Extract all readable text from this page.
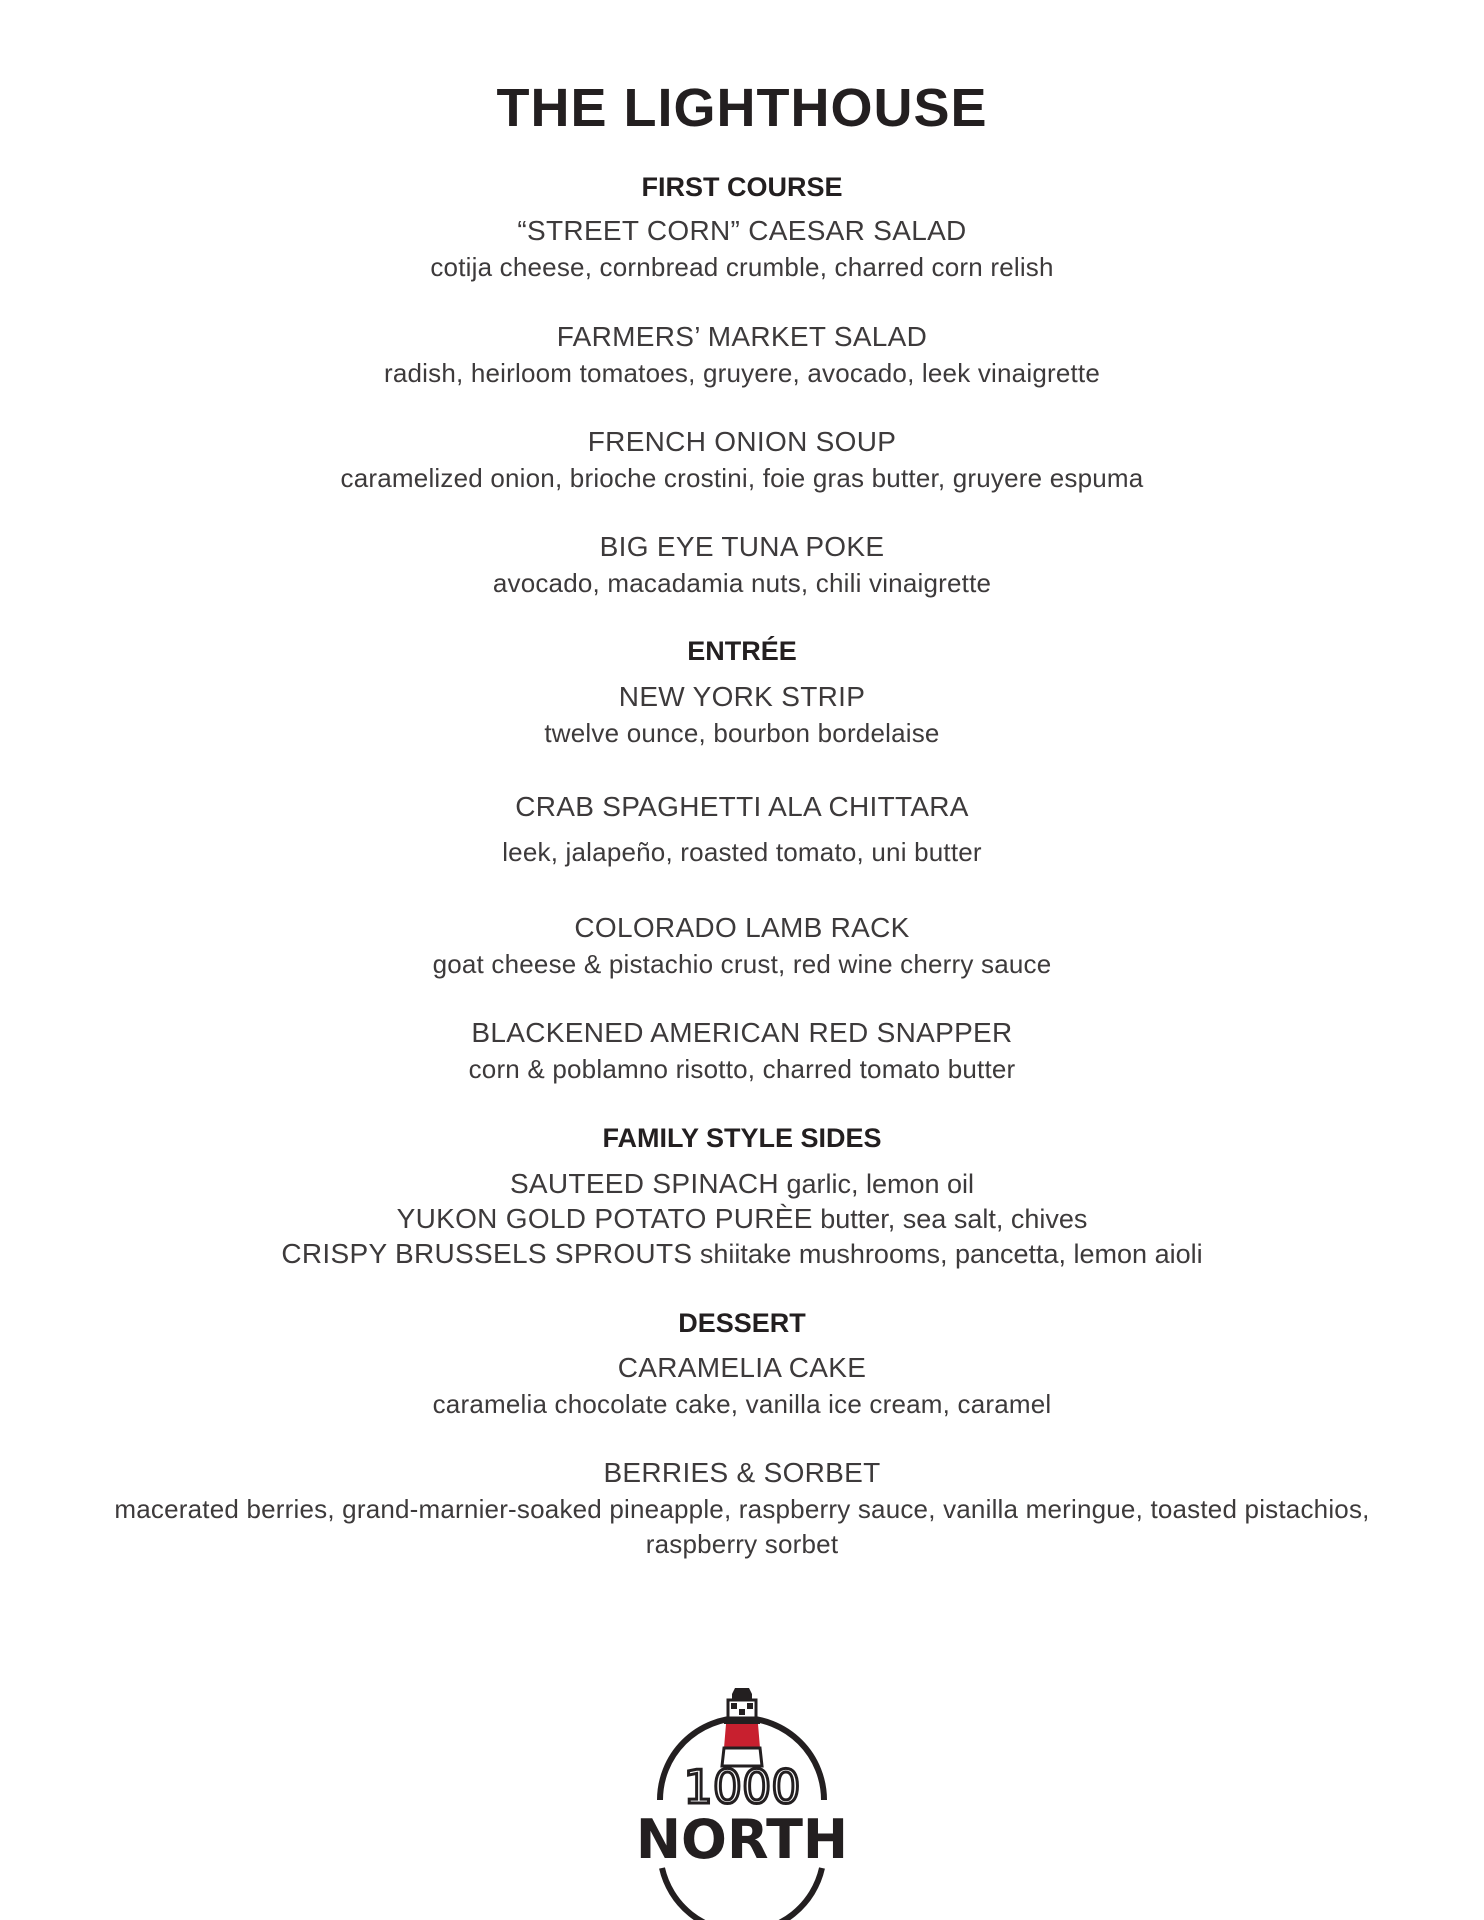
THE LIGHTHOUSE
FIRST COURSE
“STREET CORN” CAESAR SALAD
cotija cheese, cornbread crumble, charred corn relish
FARMERS’ MARKET SALAD
radish, heirloom tomatoes, gruyere, avocado, leek vinaigrette
FRENCH ONION SOUP
caramelized onion, brioche crostini, foie gras butter, gruyere espuma
BIG EYE TUNA POKE
avocado, macadamia nuts, chili vinaigrette
ENTRÉE
NEW YORK STRIP
twelve ounce, bourbon bordelaise
CRAB SPAGHETTI ALA CHITTARA
leek, jalapeño, roasted tomato, uni butter
COLORADO LAMB RACK
goat cheese & pistachio crust, red wine cherry sauce
BLACKENED AMERICAN RED SNAPPER
corn & poblamno risotto, charred tomato butter
FAMILY STYLE SIDES
SAUTEED SPINACH garlic, lemon oil
YUKON GOLD POTATO PURÈE butter, sea salt, chives
CRISPY BRUSSELS SPROUTS shiitake mushrooms, pancetta, lemon aioli
DESSERT
CARAMELIA CAKE
caramelia chocolate cake, vanilla ice cream, caramel
BERRIES & SORBET
macerated berries, grand-marnier-soaked pineapple, raspberry sauce, vanilla meringue, toasted pistachios,
raspberry sorbet
1000
NORTH
